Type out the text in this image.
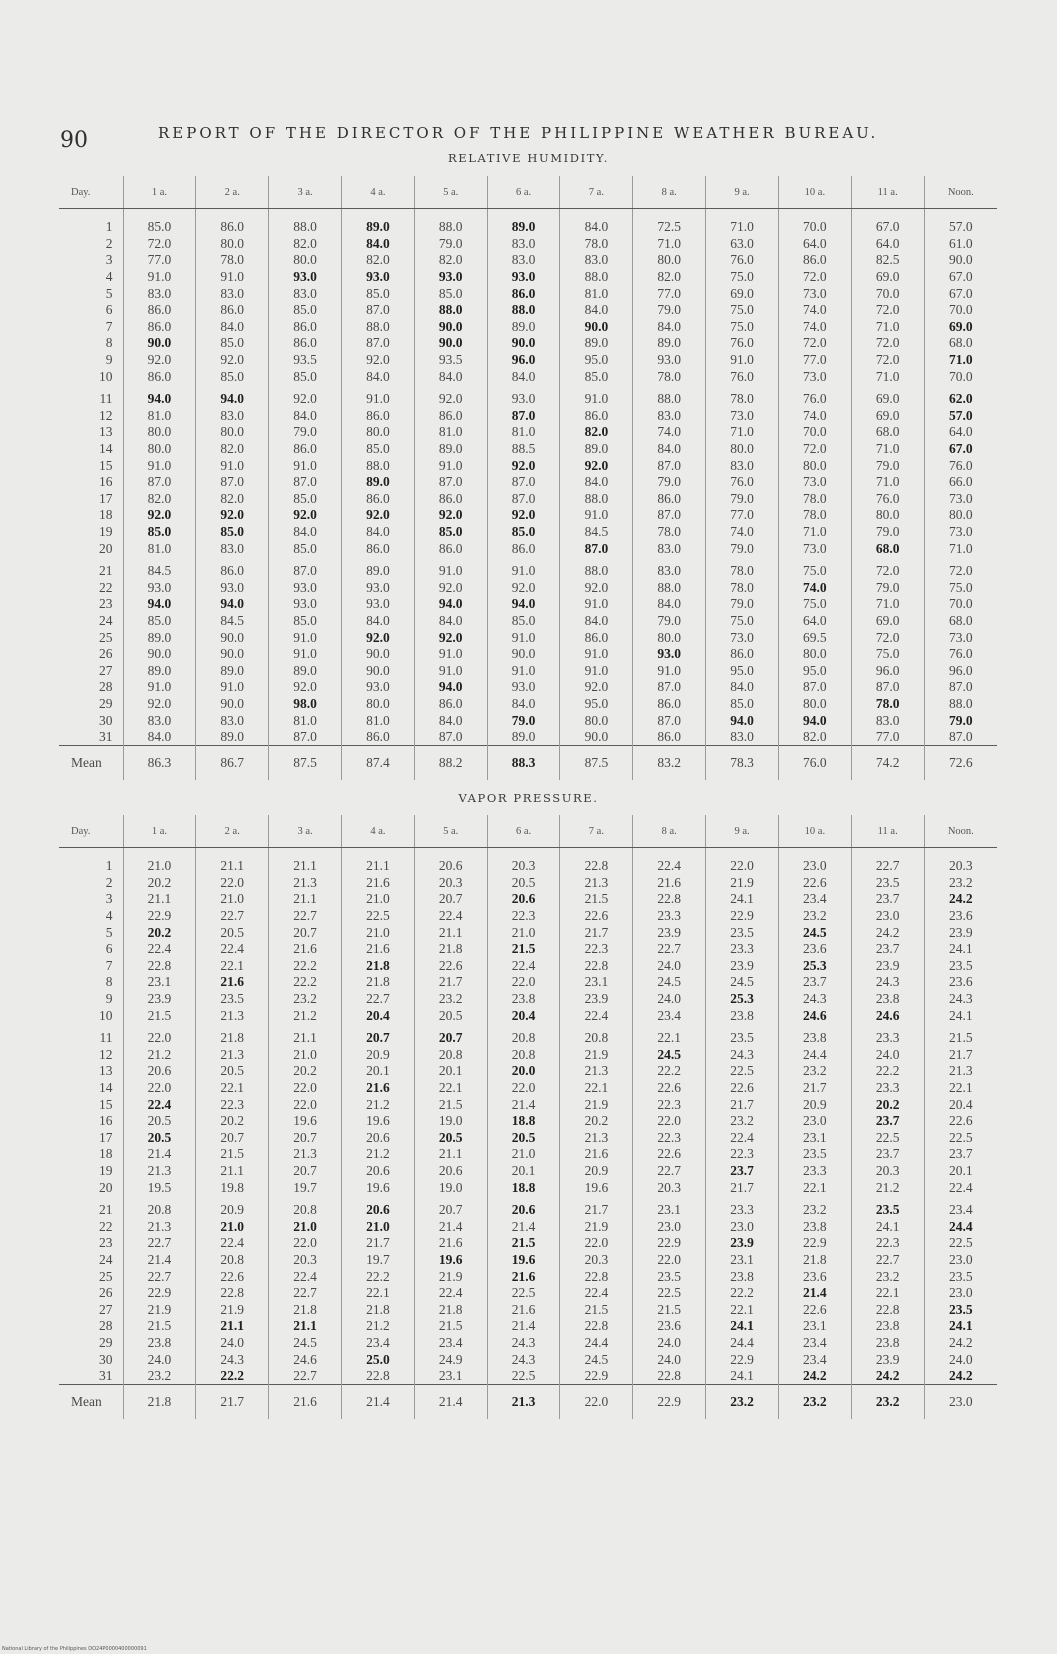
90	REPORT OF THE DIRECTOR OF THE PHILIPPINE WEATHER BUREAU.
RELATIVE HUMIDITY.
Day.	1 a.	2 a.	3 a.	4 a.	5 a.	6 a.	7 a.	8 a.	9 a.	10 a.	11 a.	Noon.
1	85.0	86.0	88.0	89.0	88.0	89.0	84.0	72.5	71.0	70.0	67.0	57.0
2	72.0	80.0	82.0	84.0	79.0	83.0	78.0	71.0	63.0	64.0	64.0	61.0
3	77.0	78.0	80.0	82.0	82.0	83.0	83.0	80.0	76.0	86.0	82.5	90.0
4	91.0	91.0	93.0	93.0	93.0	93.0	88.0	82.0	75.0	72.0	69.0	67.0
5	83.0	83.0	83.0	85.0	85.0	86.0	81.0	77.0	69.0	73.0	70.0	67.0
6	86.0	86.0	85.0	87.0	88.0	88.0	84.0	79.0	75.0	74.0	72.0	70.0
7	86.0	84.0	86.0	88.0	90.0	89.0	90.0	84.0	75.0	74.0	71.0	69.0
8	90.0	85.0	86.0	87.0	90.0	90.0	89.0	89.0	76.0	72.0	72.0	68.0
9	92.0	92.0	93.5	92.0	93.5	96.0	95.0	93.0	91.0	77.0	72.0	71.0
10	86.0	85.0	85.0	84.0	84.0	84.0	85.0	78.0	76.0	73.0	71.0	70.0

11	94.0	94.0	92.0	91.0	92.0	93.0	91.0	88.0	78.0	76.0	69.0	62.0
12	81.0	83.0	84.0	86.0	86.0	87.0	86.0	83.0	73.0	74.0	69.0	57.0
13	80.0	80.0	79.0	80.0	81.0	81.0	82.0	74.0	71.0	70.0	68.0	64.0
14	80.0	82.0	86.0	85.0	89.0	88.5	89.0	84.0	80.0	72.0	71.0	67.0
15	91.0	91.0	91.0	88.0	91.0	92.0	92.0	87.0	83.0	80.0	79.0	76.0
16	87.0	87.0	87.0	89.0	87.0	87.0	84.0	79.0	76.0	73.0	71.0	66.0
17	82.0	82.0	85.0	86.0	86.0	87.0	88.0	86.0	79.0	78.0	76.0	73.0
18	92.0	92.0	92.0	92.0	92.0	92.0	91.0	87.0	77.0	78.0	80.0	80.0
19	85.0	85.0	84.0	84.0	85.0	85.0	84.5	78.0	74.0	71.0	79.0	73.0
20	81.0	83.0	85.0	86.0	86.0	86.0	87.0	83.0	79.0	73.0	68.0	71.0

21	84.5	86.0	87.0	89.0	91.0	91.0	88.0	83.0	78.0	75.0	72.0	72.0
22	93.0	93.0	93.0	93.0	92.0	92.0	92.0	88.0	78.0	74.0	79.0	75.0
23	94.0	94.0	93.0	93.0	94.0	94.0	91.0	84.0	79.0	75.0	71.0	70.0
24	85.0	84.5	85.0	84.0	84.0	85.0	84.0	79.0	75.0	64.0	69.0	68.0
25	89.0	90.0	91.0	92.0	92.0	91.0	86.0	80.0	73.0	69.5	72.0	73.0
26	90.0	90.0	91.0	90.0	91.0	90.0	91.0	93.0	86.0	80.0	75.0	76.0
27	89.0	89.0	89.0	90.0	91.0	91.0	91.0	91.0	95.0	95.0	96.0	96.0
28	91.0	91.0	92.0	93.0	94.0	93.0	92.0	87.0	84.0	87.0	87.0	87.0
29	92.0	90.0	98.0	80.0	86.0	84.0	95.0	86.0	85.0	80.0	78.0	88.0
30	83.0	83.0	81.0	81.0	84.0	79.0	80.0	87.0	94.0	94.0	83.0	79.0
31	84.0	89.0	87.0	86.0	87.0	89.0	90.0	86.0	83.0	82.0	77.0	87.0
Mean	86.3	86.7	87.5	87.4	88.2	88.3	87.5	83.2	78.3	76.0	74.2	72.6
VAPOR PRESSURE.
Day.	1 a.	2 a.	3 a.	4 a.	5 a.	6 a.	7 a.	8 a.	9 a.	10 a.	11 a.	Noon.
1	21.0	21.1	21.1	21.1	20.6	20.3	22.8	22.4	22.0	23.0	22.7	20.3
2	20.2	22.0	21.3	21.6	20.3	20.5	21.3	21.6	21.9	22.6	23.5	23.2
3	21.1	21.0	21.1	21.0	20.7	20.6	21.5	22.8	24.1	23.4	23.7	24.2
4	22.9	22.7	22.7	22.5	22.4	22.3	22.6	23.3	22.9	23.2	23.0	23.6
5	20.2	20.5	20.7	21.0	21.1	21.0	21.7	23.9	23.5	24.5	24.2	23.9
6	22.4	22.4	21.6	21.6	21.8	21.5	22.3	22.7	23.3	23.6	23.7	24.1
7	22.8	22.1	22.2	21.8	22.6	22.4	22.8	24.0	23.9	25.3	23.9	23.5
8	23.1	21.6	22.2	21.8	21.7	22.0	23.1	24.5	24.5	23.7	24.3	23.6
9	23.9	23.5	23.2	22.7	23.2	23.8	23.9	24.0	25.3	24.3	23.8	24.3
10	21.5	21.3	21.2	20.4	20.5	20.4	22.4	23.4	23.8	24.6	24.6	24.1

11	22.0	21.8	21.1	20.7	20.7	20.8	20.8	22.1	23.5	23.8	23.3	21.5
12	21.2	21.3	21.0	20.9	20.8	20.8	21.9	24.5	24.3	24.4	24.0	21.7
13	20.6	20.5	20.2	20.1	20.1	20.0	21.3	22.2	22.5	23.2	22.2	21.3
14	22.0	22.1	22.0	21.6	22.1	22.0	22.1	22.6	22.6	21.7	23.3	22.1
15	22.4	22.3	22.0	21.2	21.5	21.4	21.9	22.3	21.7	20.9	20.2	20.4
16	20.5	20.2	19.6	19.6	19.0	18.8	20.2	22.0	23.2	23.0	23.7	22.6
17	20.5	20.7	20.7	20.6	20.5	20.5	21.3	22.3	22.4	23.1	22.5	22.5
18	21.4	21.5	21.3	21.2	21.1	21.0	21.6	22.6	22.3	23.5	23.7	23.7
19	21.3	21.1	20.7	20.6	20.6	20.1	20.9	22.7	23.7	23.3	20.3	20.1
20	19.5	19.8	19.7	19.6	19.0	18.8	19.6	20.3	21.7	22.1	21.2	22.4

21	20.8	20.9	20.8	20.6	20.7	20.6	21.7	23.1	23.3	23.2	23.5	23.4
22	21.3	21.0	21.0	21.0	21.4	21.4	21.9	23.0	23.0	23.8	24.1	24.4
23	22.7	22.4	22.0	21.7	21.6	21.5	22.0	22.9	23.9	22.9	22.3	22.5
24	21.4	20.8	20.3	19.7	19.6	19.6	20.3	22.0	23.1	21.8	22.7	23.0
25	22.7	22.6	22.4	22.2	21.9	21.6	22.8	23.5	23.8	23.6	23.2	23.5
26	22.9	22.8	22.7	22.1	22.4	22.5	22.4	22.5	22.2	21.4	22.1	23.0
27	21.9	21.9	21.8	21.8	21.8	21.6	21.5	21.5	22.1	22.6	22.8	23.5
28	21.5	21.1	21.1	21.2	21.5	21.4	22.8	23.6	24.1	23.1	23.8	24.1
29	23.8	24.0	24.5	23.4	23.4	24.3	24.4	24.0	24.4	23.4	23.8	24.2
30	24.0	24.3	24.6	25.0	24.9	24.3	24.5	24.0	22.9	23.4	23.9	24.0
31	23.2	22.2	22.7	22.8	23.1	22.5	22.9	22.8	24.1	24.2	24.2	24.2
Mean	21.8	21.7	21.6	21.4	21.4	21.3	22.0	22.9	23.2	23.2	23.2	23.0
National Library of the Philippines DO24P0000400000091
